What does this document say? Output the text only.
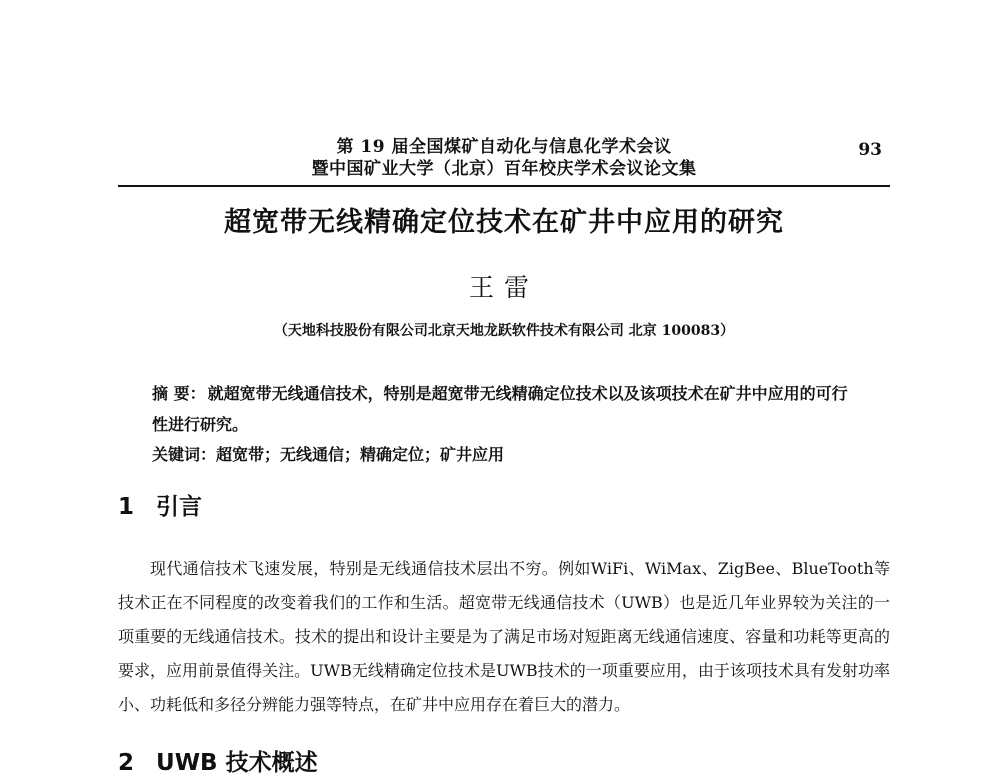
第 19 届全国煤矿自动化与信息化学术会议
暨中国矿业大学（北京）百年校庆学术会议论文集
93
超宽带无线精确定位技术在矿井中应用的研究
王雷
（天地科技股份有限公司北京天地龙跃软件技术有限公司 北京 100083）
摘 要： 就超宽带无线通信技术，特别是超宽带无线精确定位技术以及该项技术在矿井中应用的可行性进行研究。
关键词：超宽带；无线通信；精确定位；矿井应用
1 引言

现代通信技术飞速发展，特别是无线通信技术层出不穷。例如WiFi、WiMax、ZigBee、BlueTooth等技术正在不同程度的改变着我们的工作和生活。超宽带无线通信技术（UWB）也是近几年业界较为关注的一项重要的无线通信技术。技术的提出和设计主要是为了满足市场对短距离无线通信速度、容量和功耗等更高的要求，应用前景值得关注。UWB无线精确定位技术是UWB技术的一项重要应用，由于该项技术具有发射功率小、功耗低和多径分辨能力强等特点，在矿井中应用存在着巨大的潜力。

2 UWB 技术概述
